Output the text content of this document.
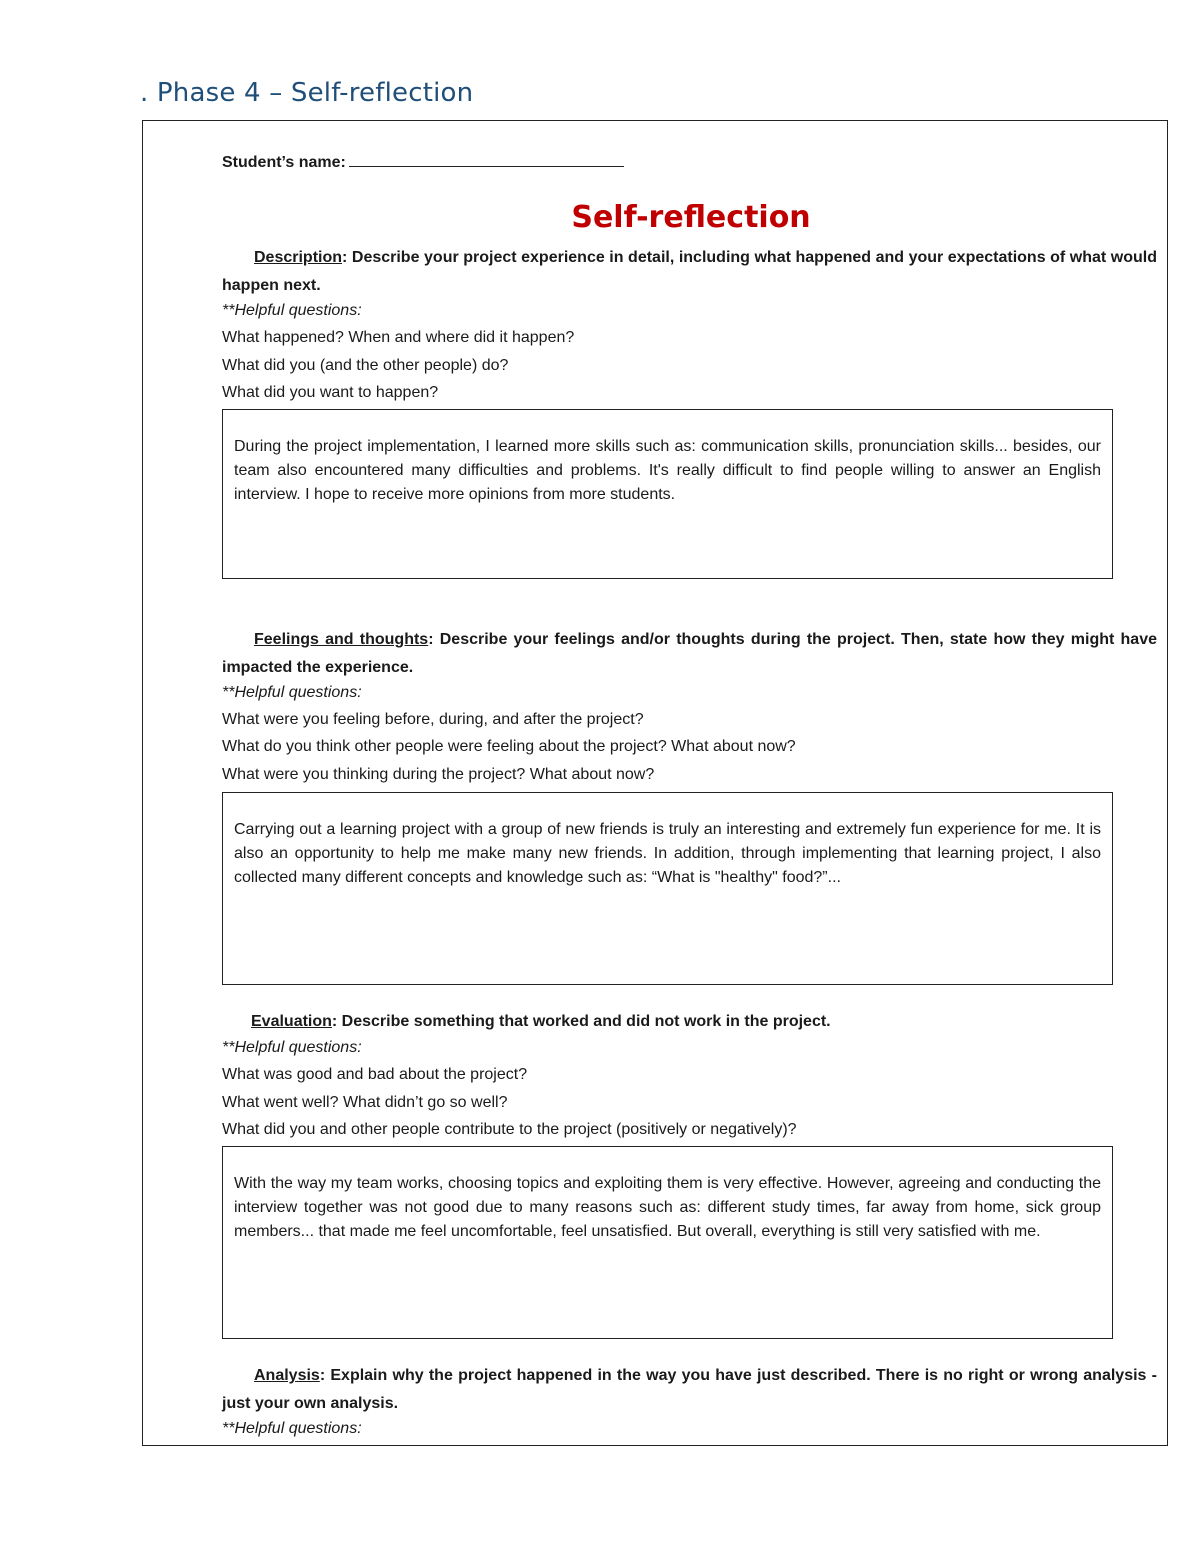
. Phase 4 – Self-reflection
Student’s name:
Self-reflection
Description: Describe your project experience in detail, including what happened and your expectations of what would happen next.
**Helpful questions:
What happened? When and where did it happen?
What did you (and the other people) do?
What did you want to happen?
During the project implementation, I learned more skills such as: communication skills, pronunciation skills... besides, our team also encountered many difficulties and problems. It's really difficult to find people willing to answer an English interview. I hope to receive more opinions from more students.
Feelings and thoughts: Describe your feelings and/or thoughts during the project. Then, state how they might have impacted the experience.
**Helpful questions:
What were you feeling before, during, and after the project?
What do you think other people were feeling about the project? What about now?
What were you thinking during the project? What about now?
Carrying out a learning project with a group of new friends is truly an interesting and extremely fun experience for me. It is also an opportunity to help me make many new friends. In addition, through implementing that learning project, I also collected many different concepts and knowledge such as: “What is "healthy" food?”...
Evaluation: Describe something that worked and did not work in the project.
**Helpful questions:
What was good and bad about the project?
What went well? What didn’t go so well?
What did you and other people contribute to the project (positively or negatively)?
With the way my team works, choosing topics and exploiting them is very effective. However, agreeing and conducting the interview together was not good due to many reasons such as: different study times, far away from home, sick group members... that made me feel uncomfortable, feel unsatisfied. But overall, everything is still very satisfied with me.
Analysis: Explain why the project happened in the way you have just described. There is no right or wrong analysis - just your own analysis.
**Helpful questions:
